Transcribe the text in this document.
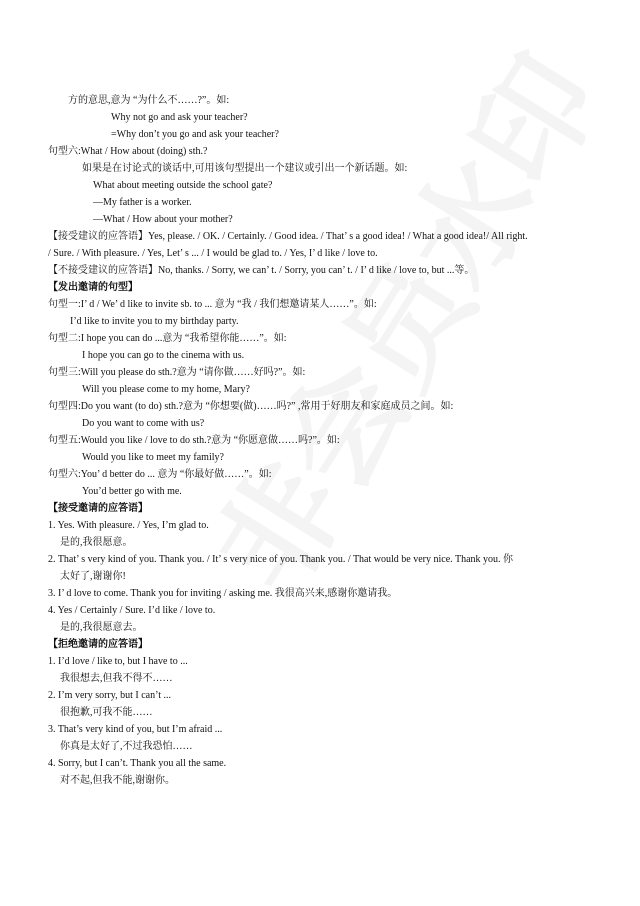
方的意思,意为 “为什么不……?”。如:
Why not go and ask your teacher?
=Why don’t you go and ask your teacher?
句型六:What / How about (doing) sth.?
如果是在讨论式的谈话中,可用该句型提出一个建议或引出一个新话题。如:
What about meeting outside the school gate?
—My father is a worker.
—What / How about your mother?
【接受建议的应答语】Yes, please. / OK. / Certainly. / Good idea. / That’ s a good idea! / What a good idea!/ All right.
/ Sure. / With pleasure. / Yes, Let’ s ... / I would be glad to. / Yes, I’ d like / love to.
【不接受建议的应答语】No, thanks. / Sorry, we can’ t. / Sorry, you can’ t. / I’ d like / love to, but ...等。
【发出邀请的句型】
句型一:I’ d / We’ d like to invite sb. to ... 意为 “我 / 我们想邀请某人……”。如:
I’d like to invite you to my birthday party.
句型二:I hope you can do ...意为 “我希望你能……”。如:
I hope you can go to the cinema with us.
句型三:Will you please do sth.?意为 “请你做……好吗?”。如:
Will you please come to my home, Mary?
句型四:Do you want (to do) sth.?意为 “你想要(做)……吗?” ,常用于好朋友和家庭成员之间。如:
Do you want to come with us?
句型五:Would you like / love to do sth.?意为 “你愿意做……吗?”。如:
Would you like to meet my family?
句型六:You’ d better do ... 意为 “你最好做……”。如:
You’d better go with me.
【接受邀请的应答语】
1. Yes. With pleasure. / Yes, I’m glad to.
是的,我很愿意。
2. That’ s very kind of you. Thank you. / It’ s very nice of you. Thank you. / That would be very nice. Thank you. 你
太好了,谢谢你!
3. I’ d love to come. Thank you for inviting / asking me. 我很高兴来,感谢你邀请我。
4. Yes / Certainly / Sure. I’d like / love to.
是的,我很愿意去。
【拒绝邀请的应答语】
1. I’d love / like to, but I have to ...
我很想去,但我不得不……
2. I’m very sorry, but I can’t ...
很抱歉,可我不能……
3. That’s very kind of you, but I’m afraid ...
你真是太好了,不过我恐怕……
4. Sorry, but I can’t. Thank you all the same.
对不起,但我不能,谢谢你。
